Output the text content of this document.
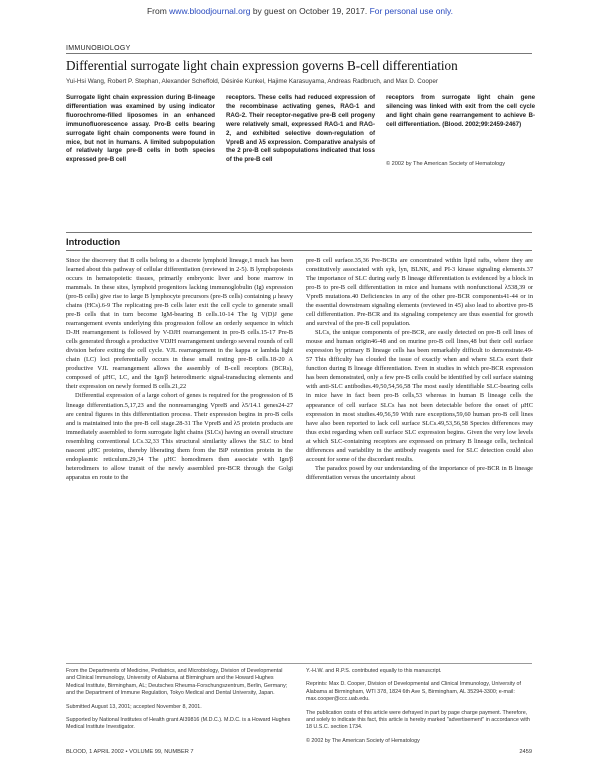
From www.bloodjournal.org by guest on October 19, 2017. For personal use only.
IMMUNOBIOLOGY
Differential surrogate light chain expression governs B-cell differentiation
Yui-Hsi Wang, Robert P. Stephan, Alexander Scheffold, Désirée Kunkel, Hajime Karasuyama, Andreas Radbruch, and Max D. Cooper
Surrogate light chain expression during B-lineage differentiation was examined by using indicator fluorochrome-filled liposomes in an enhanced immunofluorescence assay. Pro-B cells bearing surrogate light chain components were found in mice, but not in humans. A limited subpopulation of relatively large pre-B cells in both species expressed pre-B cell
receptors. These cells had reduced expression of the recombinase activating genes, RAG-1 and RAG-2. Their receptor-negative pre-B cell progeny were relatively small, expressed RAG-1 and RAG-2, and exhibited selective down-regulation of VpreB and λ5 expression. Comparative analysis of the 2 pre-B cell subpopulations indicated that loss of the pre-B cell
receptors from surrogate light chain gene silencing was linked with exit from the cell cycle and light chain gene rearrangement to achieve B-cell differentiation. (Blood. 2002;99:2459-2467)
© 2002 by The American Society of Hematology
Introduction

Since the discovery that B cells belong to a discrete lymphoid lineage,1 much has been learned about this pathway of cellular differentiation (reviewed in 2-5). B lymphopoiesis occurs in hematopoietic tissues, primarily embryonic liver and bone marrow in mammals. In these sites, lymphoid progenitors lacking immunoglobulin (Ig) expression (pro-B cells) give rise to large B lymphocyte precursors (pre-B cells) containing μ heavy chains (HCs).6-9 The replicating pre-B cells later exit the cell cycle to generate small pre-B cells that in turn become IgM-bearing B cells.10-14 The Ig V(D)J gene rearrangement events underlying this progression follow an orderly sequence in which D-JH rearrangement is followed by V-DJH rearrangement in pro-B cells.15-17 Pre-B cells generated through a productive VDJH rearrangement undergo several rounds of cell division before exiting the cell cycle. VJL rearrangement in the kappa or lambda light chain (LC) loci preferentially occurs in these small resting pre-B cells.18-20 A productive VJL rearrangement allows the assembly of B-cell receptors (BCRs), composed of μHC, LC, and the Igα/β heterodimeric signal-transducing elements and their expression on newly formed B cells.21,22

Differential expression of a large cohort of genes is required for the progression of B lineage differentiation.5,17,23 and the nonrearranging VpreB and λ5/14.1 genes24-27 are central figures in this differentiation process. Their expression begins in pro-B cells and is maintained into the pre-B cell stage.28-31 The VpreB and λ5 protein products are immediately assembled to form surrogate light chains (SLCs) having an overall structure resembling conventional LCs.32,33 This structural similarity allows the SLC to bind nascent μHC proteins, thereby liberating them from the BiP retention protein in the endoplasmic reticulum.29,34 The μHC homodimers then associate with Igα/β heterodimers to allow transit of the newly assembled pre-BCR through the Golgi apparatus en route to the

pre-B cell surface.35,36 Pre-BCRs are concentrated within lipid rafts, where they are constitutively associated with syk, lyn, BLNK, and PI-3 kinase signaling elements.37 The importance of SLC during early B lineage differentiation is evidenced by a block in pro-B to pre-B cell differentiation in mice and humans with nonfunctional λ538,39 or VpreB mutations.40 Deficiencies in any of the other pre-BCR components41-44 or in the essential downstream signaling elements (reviewed in 45) also lead to abortive pro-B cell differentiation. Pre-BCR and its signaling competency are thus essential for growth and survival of the pre-B cell population.

SLCs, the unique components of pre-BCR, are easily detected on pre-B cell lines of mouse and human origin46-48 and on murine pro-B cell lines,48 but their cell surface expression by primary B lineage cells has been remarkably difficult to demonstrate.49-57 This difficulty has clouded the issue of exactly when and where SLCs exert their function during B lineage differentiation. Even in studies in which pre-BCR expression has been demonstrated, only a few pre-B cells could be identified by cell surface staining with anti-SLC antibodies.49,50,54,56,58 The most easily identifiable SLC-bearing cells in mice have in fact been pro-B cells,53 whereas in human B lineage cells the appearance of cell surface SLCs has not been detectable before the onset of μHC expression in most studies.49,56,59 With rare exceptions,59,60 human pro-B cell lines have also been reported to lack cell surface SLCs.49,53,56,58 Species differences may thus exist regarding when cell surface SLC expression begins. Given the very low levels at which SLC-containing receptors are expressed on primary B lineage cells, technical differences and variability in the antibody reagents used for SLC detection could also account for some of the discordant results.

The paradox posed by our understanding of the importance of pre-BCR in B lineage differentiation versus the uncertainty about

From the Departments of Medicine, Pediatrics, and Microbiology, Division of Developmental and Clinical Immunology, University of Alabama at Birmingham and the Howard Hughes Medical Institute, Birmingham, AL; Deutsches Rheuma-Forschungszentrum, Berlin, Germany; and the Department of Immune Regulation, Tokyo Medical and Dental University, Japan.

Submitted August 13, 2001; accepted November 8, 2001.

Supported by National Institutes of Health grant AI39816 (M.D.C.). M.D.C. is a Howard Hughes Medical Institute Investigator.

Y.-H.W. and R.P.S. contributed equally to this manuscript.

Reprints: Max D. Cooper, Division of Developmental and Clinical Immunology, University of Alabama at Birmingham, WTI 378, 1824 6th Ave S, Birmingham, AL 35294-3300; e-mail: max.cooper@ccc.uab.edu.

The publication costs of this article were defrayed in part by page charge payment. Therefore, and solely to indicate this fact, this article is hereby marked "advertisement" in accordance with 18 U.S.C. section 1734.

© 2002 by The American Society of Hematology

BLOOD, 1 APRIL 2002 • VOLUME 99, NUMBER 7	2459
